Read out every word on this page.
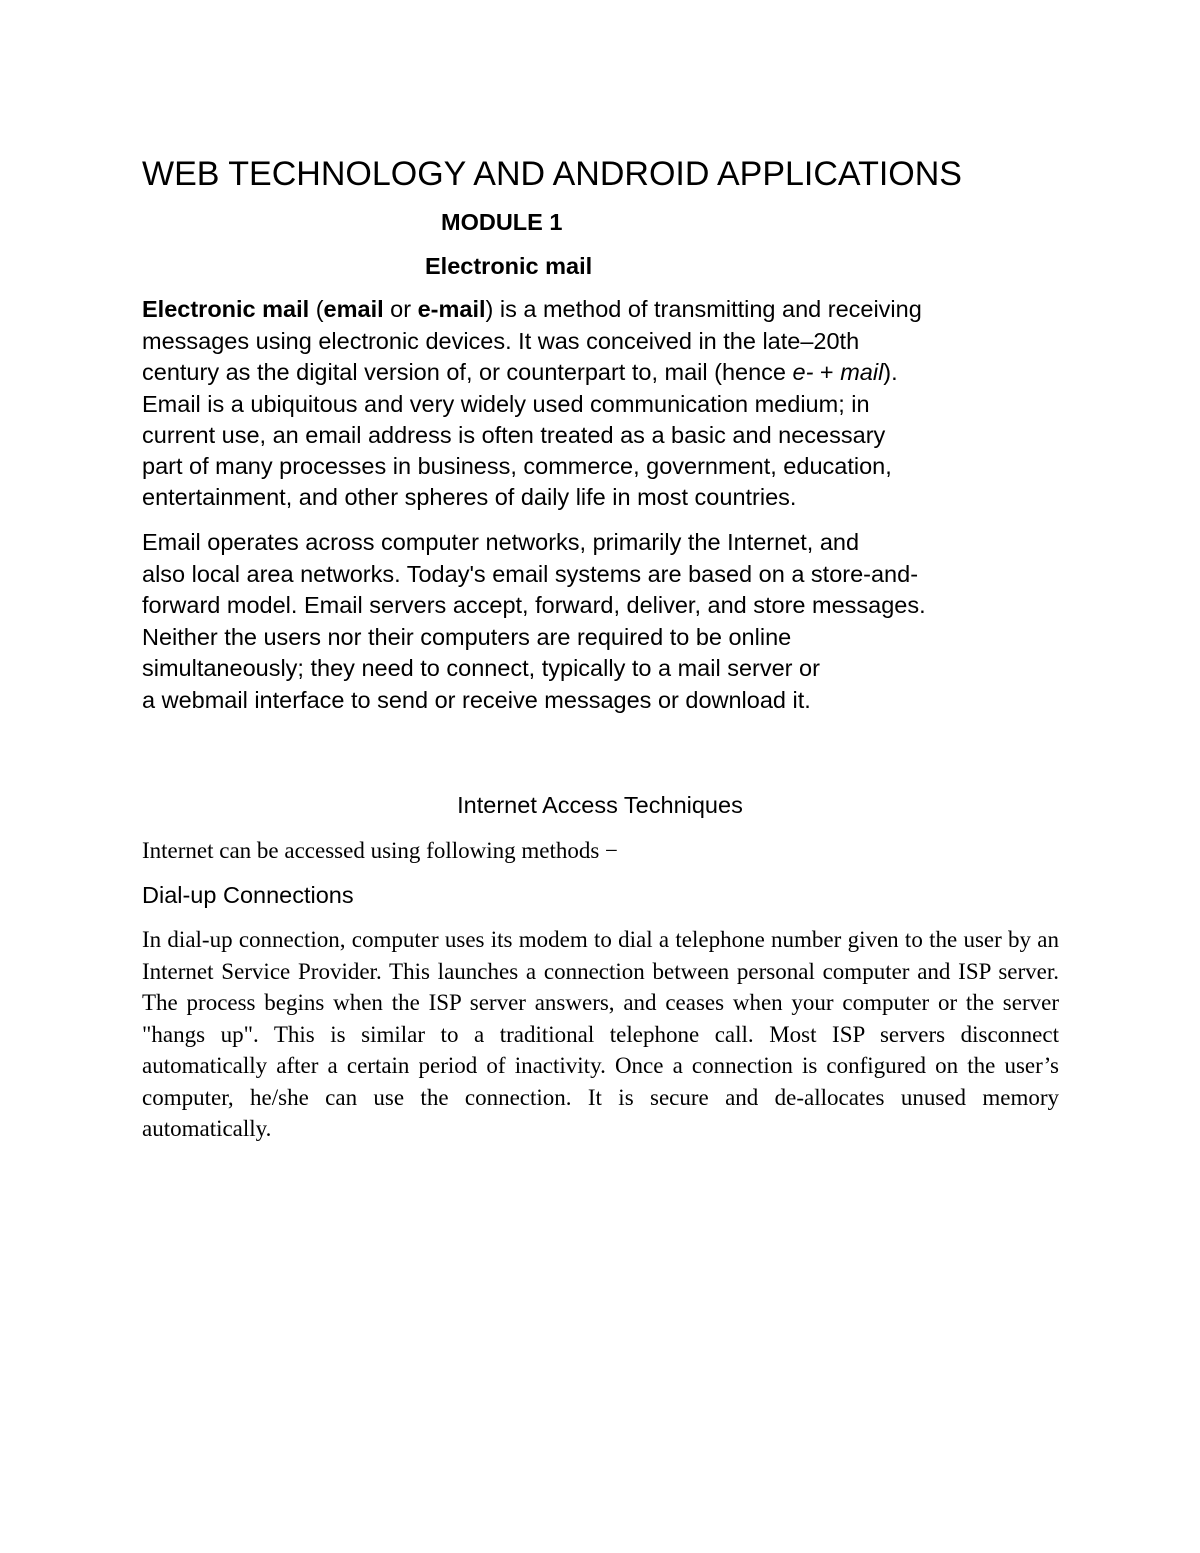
WEB TECHNOLOGY AND ANDROID APPLICATIONS
MODULE 1
Electronic mail
Electronic mail (email or e-mail) is a method of transmitting and receiving
messages using electronic devices. It was conceived in the late–20th
century as the digital version of, or counterpart to, mail (hence e- + mail).
Email is a ubiquitous and very widely used communication medium; in
current use, an email address is often treated as a basic and necessary
part of many processes in business, commerce, government, education,
entertainment, and other spheres of daily life in most countries.
Email operates across computer networks, primarily the Internet, and
also local area networks. Today's email systems are based on a store-and-
forward model. Email servers accept, forward, deliver, and store messages.
Neither the users nor their computers are required to be online
simultaneously; they need to connect, typically to a mail server or
a webmail interface to send or receive messages or download it.
Internet Access Techniques
Internet can be accessed using following methods −
Dial-up Connections

In dial-up connection, computer uses its modem to dial a telephone number given to the user by an Internet Service Provider. This launches a connection between personal computer and ISP server. The process begins when the ISP server answers, and ceases when your computer or the server "hangs up". This is similar to a traditional telephone call. Most ISP servers disconnect automatically after a certain period of inactivity. Once a connection is configured on the user’s computer, he/she can use the connection. It is secure and de-allocates unused memory automatically.
